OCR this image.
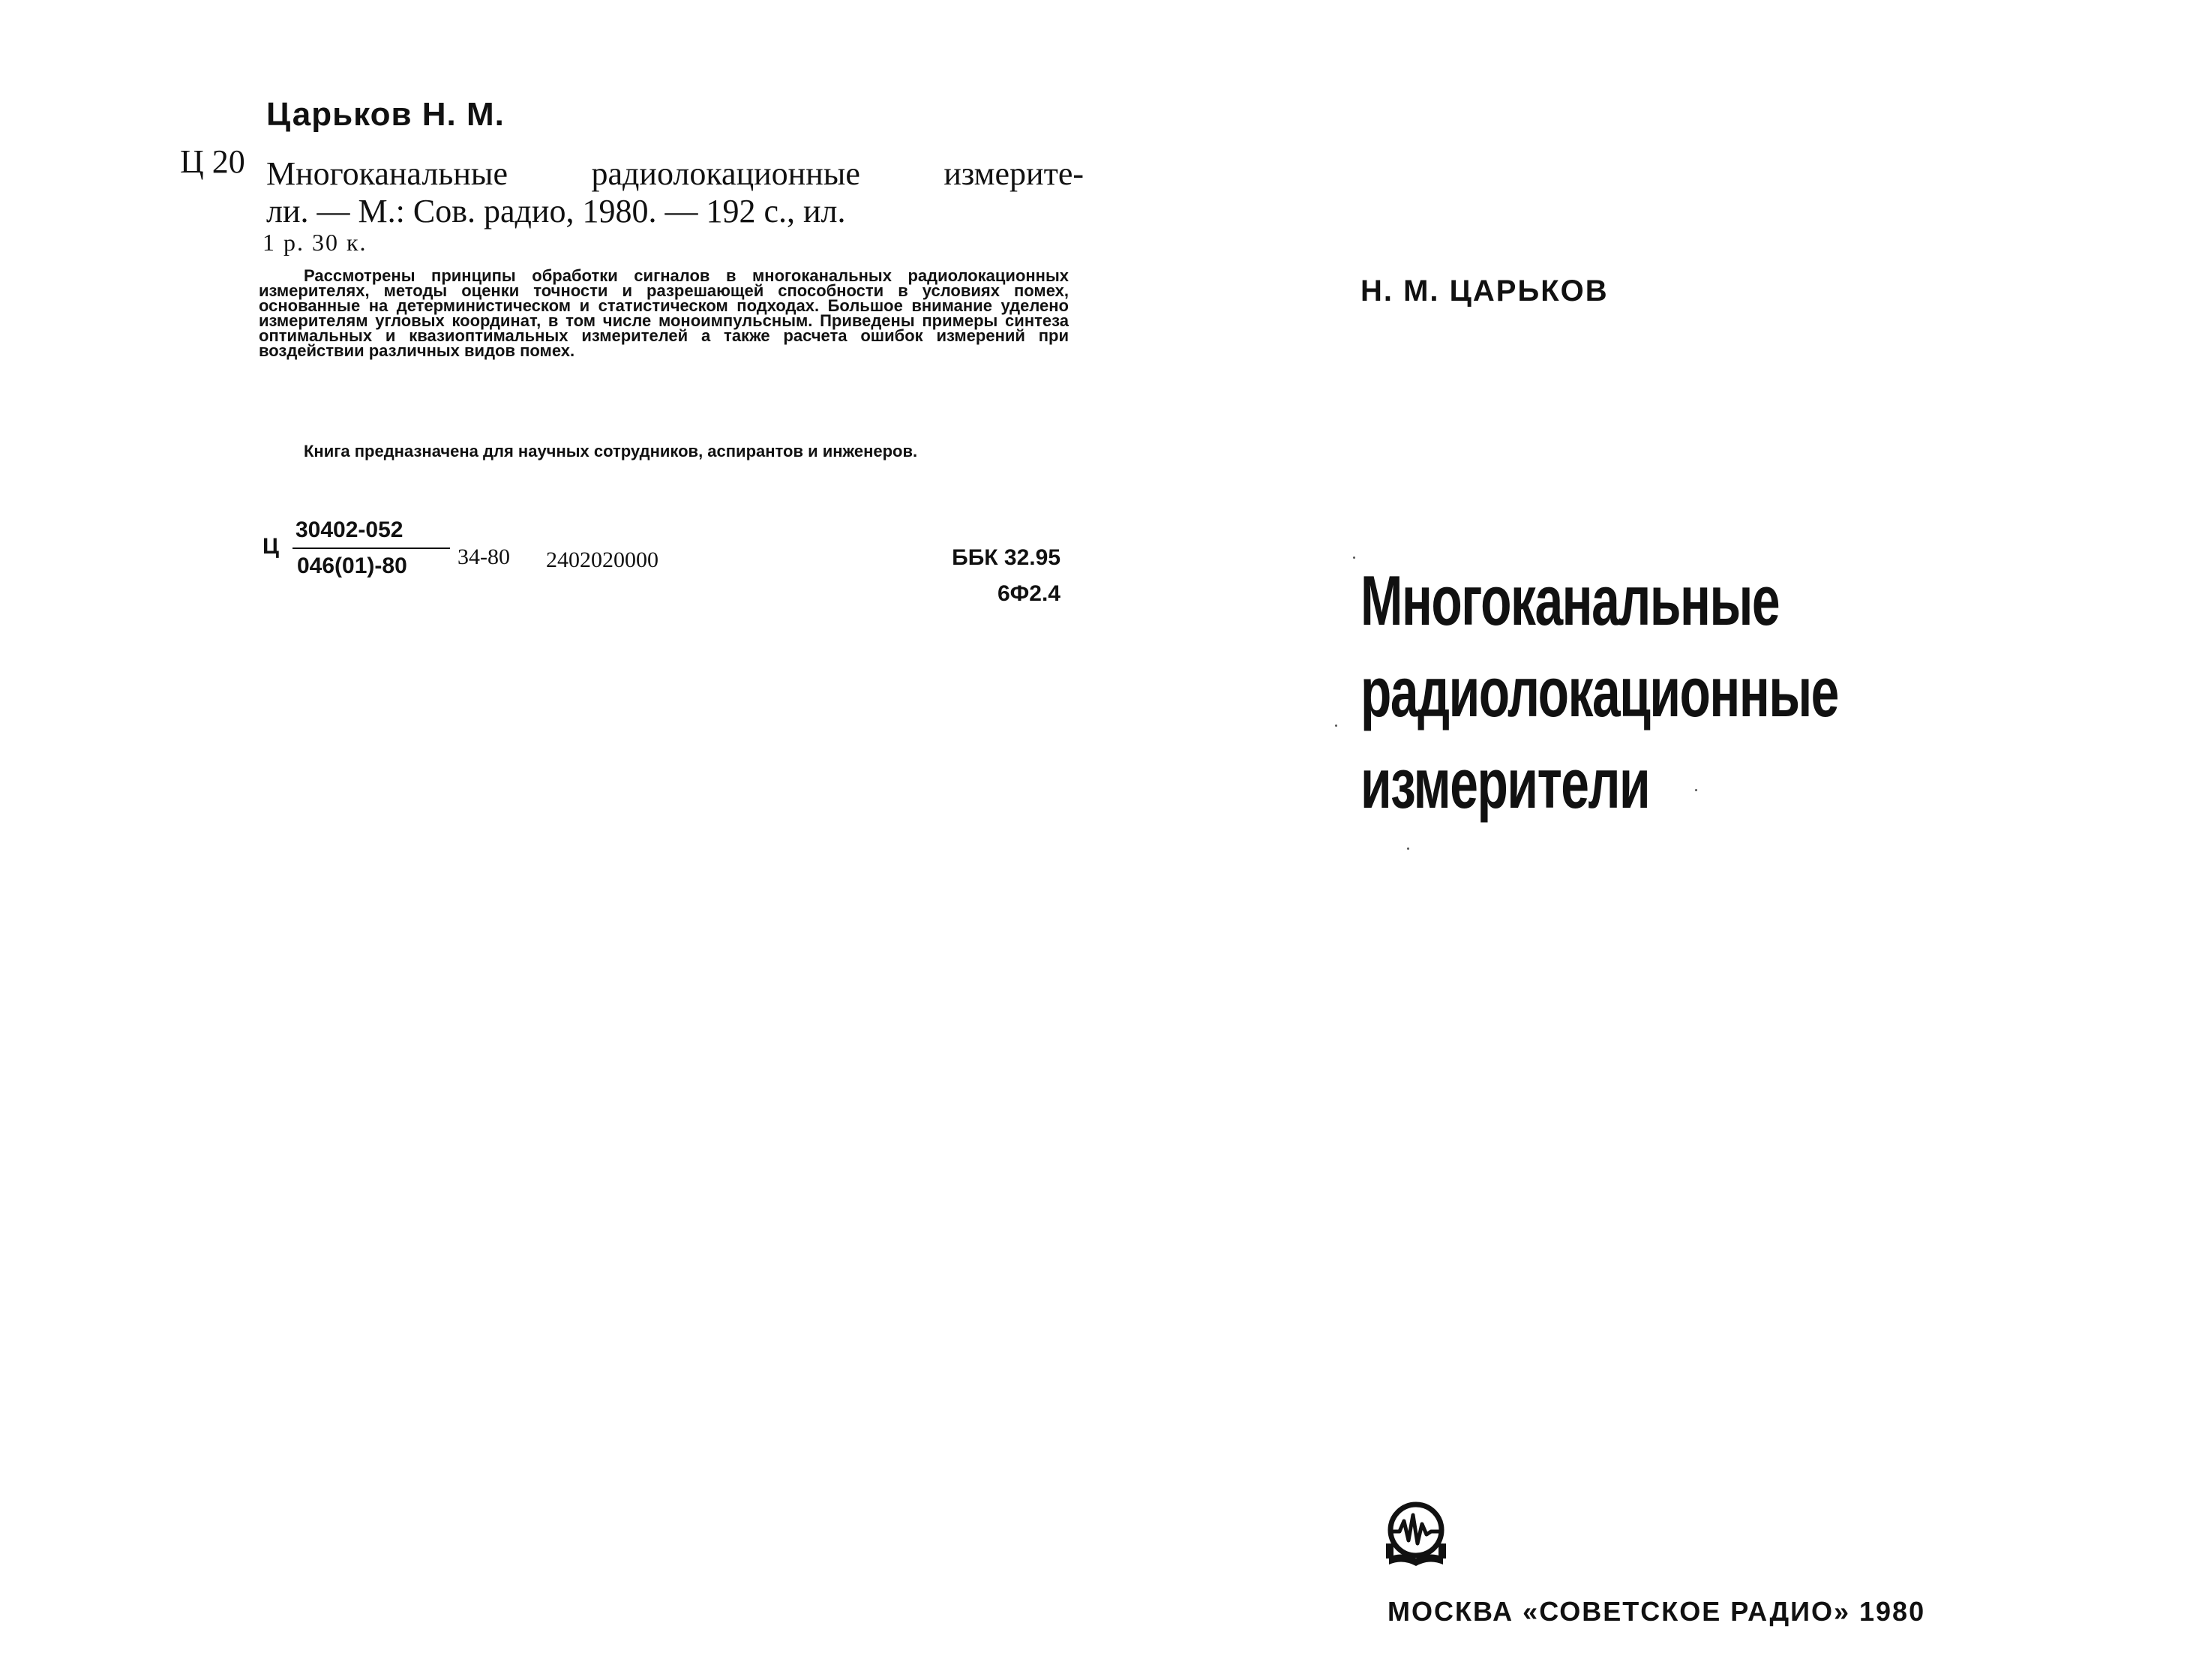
Царьков Н. М.
Ц 20 Многоканальные	радиолокационные	измерите-
ли. — М.: Сов. радио, 1980. — 192 с., ил.
1 р. 30 к.

Рассмотрены принципы обработки сигналов в многоканальных радиолокационных измерителях, методы оценки точности и разрешающей способности в условиях помех, основанные на детерминистическом и статистическом подходах. Большое внимание уделено измерителям угловых координат, в том числе моноимпульсным. Приведены примеры синтеза оптимальных и квазиоптимальных измерителей а также расчета ошибок измерений при воздействии различных видов помех.

Книга предназначена для научных сотрудников, аспирантов и инженеров.

Ц
30402-052
046(01)-80	34-80 2402020000	ББК 32.95
6Ф2.4
Н. М. ЦАРЬКОВ
Многоканальные
радиолокационные
измерители
МОСКВА «СОВЕТСКОЕ РАДИО» 1980
